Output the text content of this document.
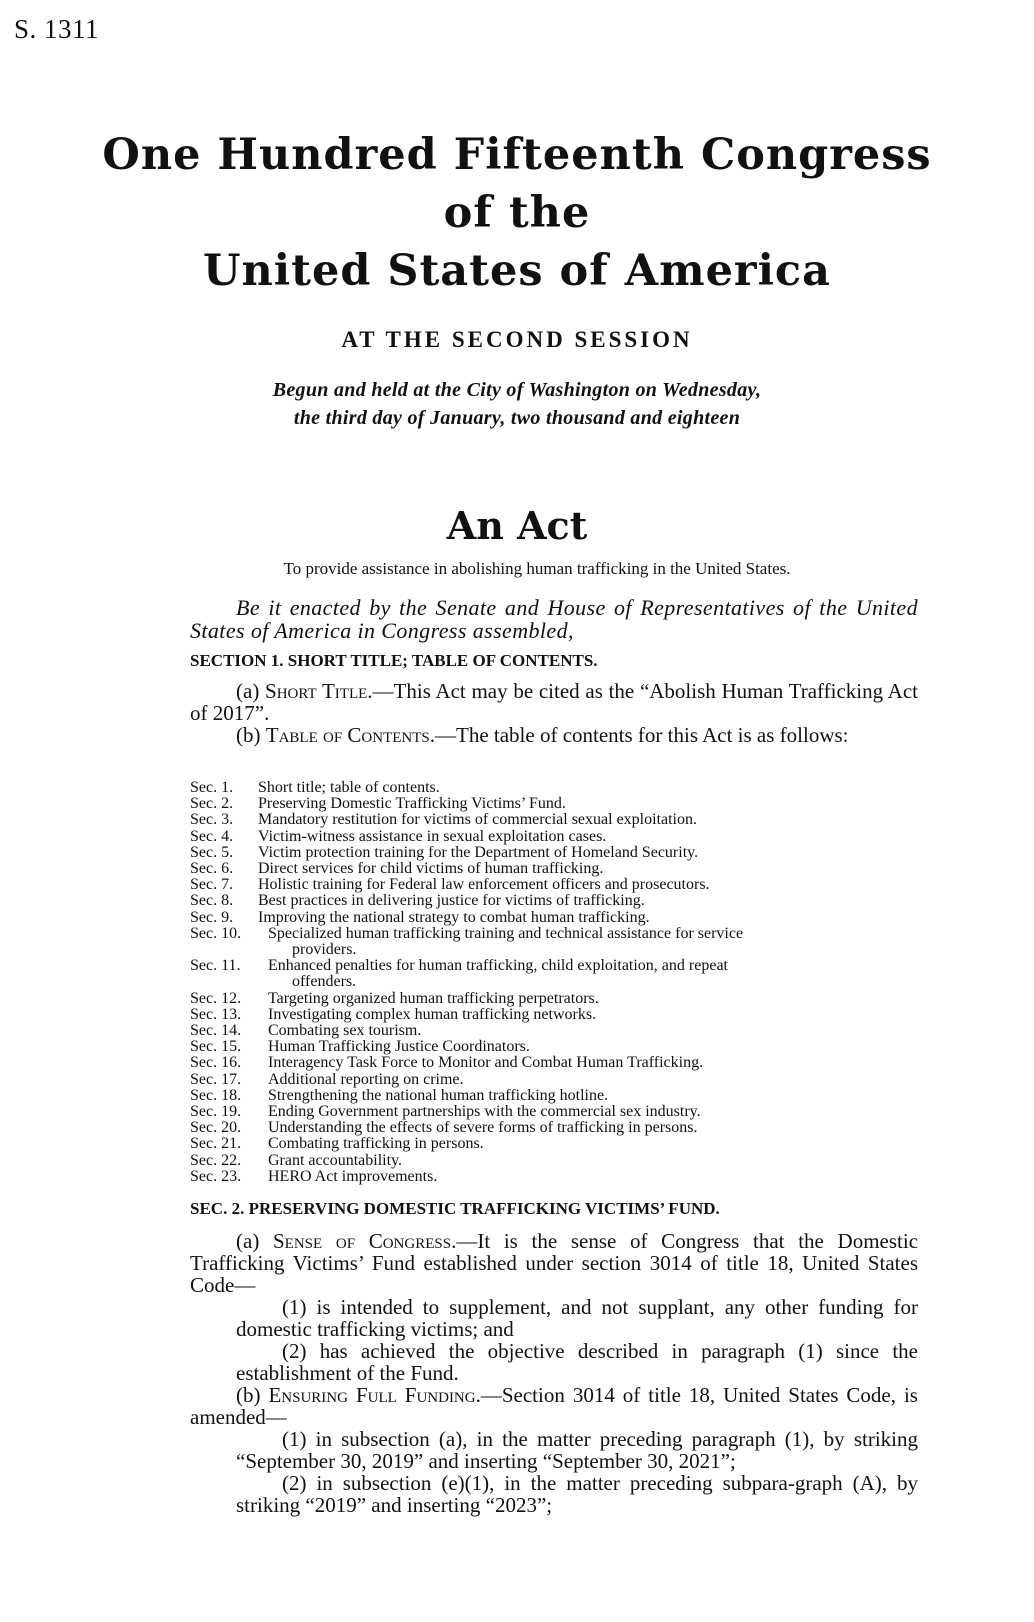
S. 1311
One Hundred Fifteenth Congress
of the
United States of America
AT THE SECOND SESSION
Begun and held at the City of Washington on Wednesday,
the third day of January, two thousand and eighteen
An Act
To provide assistance in abolishing human trafficking in the United States.
Be it enacted by the Senate and House of Representatives of the United States of America in Congress assembled,
SECTION 1. SHORT TITLE; TABLE OF CONTENTS.

(a) Short Title.—This Act may be cited as the “Abolish Human Trafficking Act of 2017”.

(b) Table of Contents.—The table of contents for this Act is as follows:

Sec. 1. Short title; table of contents.
Sec. 2. Preserving Domestic Trafficking Victims’ Fund.
Sec. 3. Mandatory restitution for victims of commercial sexual exploitation.
Sec. 4. Victim-witness assistance in sexual exploitation cases.
Sec. 5. Victim protection training for the Department of Homeland Security.
Sec. 6. Direct services for child victims of human trafficking.
Sec. 7. Holistic training for Federal law enforcement officers and prosecutors.
Sec. 8. Best practices in delivering justice for victims of trafficking.
Sec. 9. Improving the national strategy to combat human trafficking.
Sec. 10. Specialized human trafficking training and technical assistance for service
providers.
Sec. 11. Enhanced penalties for human trafficking, child exploitation, and repeat
offenders.
Sec. 12. Targeting organized human trafficking perpetrators.
Sec. 13. Investigating complex human trafficking networks.
Sec. 14. Combating sex tourism.
Sec. 15. Human Trafficking Justice Coordinators.
Sec. 16. Interagency Task Force to Monitor and Combat Human Trafficking.
Sec. 17. Additional reporting on crime.
Sec. 18. Strengthening the national human trafficking hotline.
Sec. 19. Ending Government partnerships with the commercial sex industry.
Sec. 20. Understanding the effects of severe forms of trafficking in persons.
Sec. 21. Combating trafficking in persons.
Sec. 22. Grant accountability.
Sec. 23. HERO Act improvements.
SEC. 2. PRESERVING DOMESTIC TRAFFICKING VICTIMS’ FUND.

(a) Sense of Congress.—It is the sense of Congress that the Domestic Trafficking Victims’ Fund established under section 3014 of title 18, United States Code—

(1) is intended to supplement, and not supplant, any other funding for domestic trafficking victims; and

(2) has achieved the objective described in paragraph (1) since the establishment of the Fund.

(b) Ensuring Full Funding.—Section 3014 of title 18, United States Code, is amended—

(1) in subsection (a), in the matter preceding paragraph (1), by striking “September 30, 2019” and inserting “September 30, 2021”;

(2) in subsection (e)(1), in the matter preceding subpara-graph (A), by striking “2019” and inserting “2023”;
